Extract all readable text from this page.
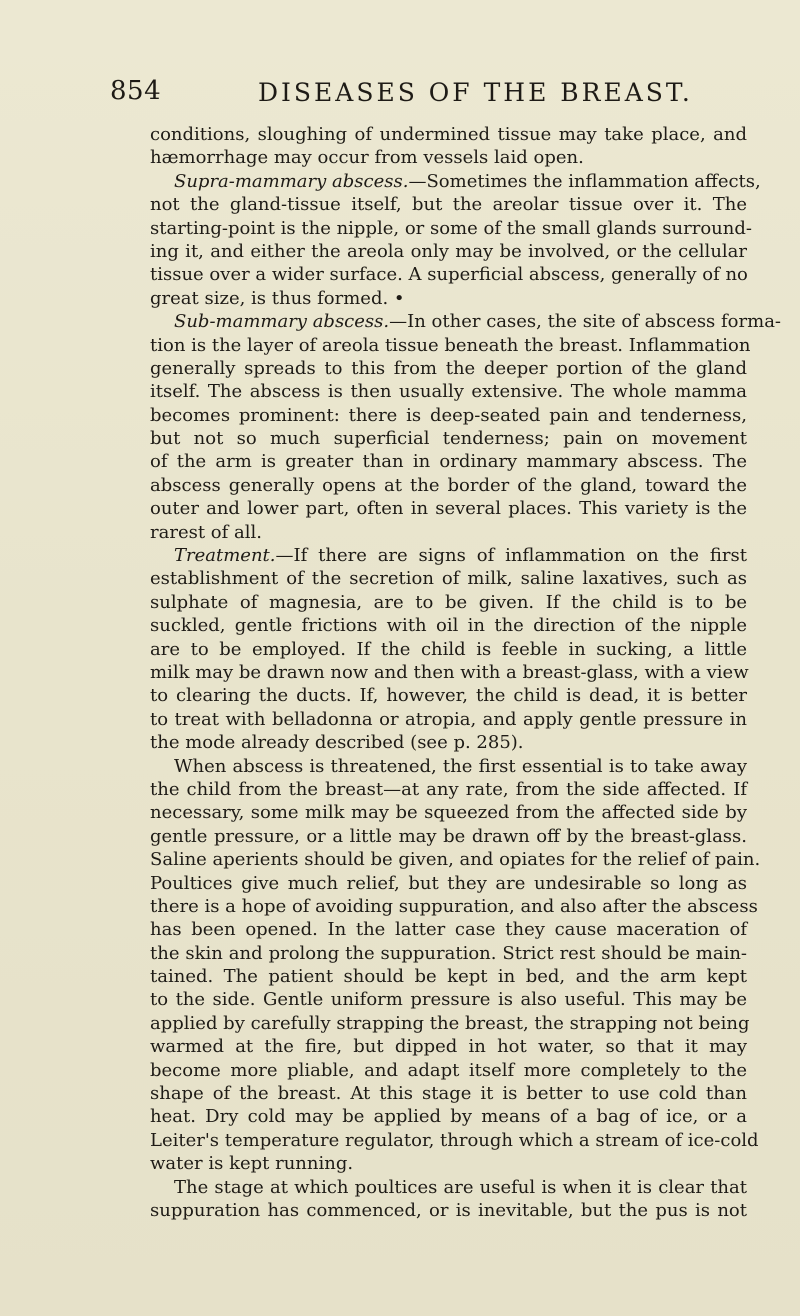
854	DISEASES OF THE BREAST.
conditions, sloughing of undermined tissue may take place, and
hæmorrhage may occur from vessels laid open.
Supra-mammary abscess.—Sometimes the inflammation affects,
not the gland-tissue itself, but the areolar tissue over it. The
starting-point is the nipple, or some of the small glands surround-
ing it, and either the areola only may be involved, or the cellular
tissue over a wider surface. A superficial abscess, generally of no
great size, is thus formed. •
Sub-mammary abscess.—In other cases, the site of abscess forma-
tion is the layer of areola tissue beneath the breast. Inflammation
generally spreads to this from the deeper portion of the gland
itself. The abscess is then usually extensive. The whole mamma
becomes prominent: there is deep-seated pain and tenderness,
but not so much superficial tenderness; pain on movement
of the arm is greater than in ordinary mammary abscess. The
abscess generally opens at the border of the gland, toward the
outer and lower part, often in several places. This variety is the
rarest of all.
Treatment.—If there are signs of inflammation on the first
establishment of the secretion of milk, saline laxatives, such as
sulphate of magnesia, are to be given. If the child is to be
suckled, gentle frictions with oil in the direction of the nipple
are to be employed. If the child is feeble in sucking, a little
milk may be drawn now and then with a breast-glass, with a view
to clearing the ducts. If, however, the child is dead, it is better
to treat with belladonna or atropia, and apply gentle pressure in
the mode already described (see p. 285).
When abscess is threatened, the first essential is to take away
the child from the breast—at any rate, from the side affected. If
necessary, some milk may be squeezed from the affected side by
gentle pressure, or a little may be drawn off by the breast-glass.
Saline aperients should be given, and opiates for the relief of pain.
Poultices give much relief, but they are undesirable so long as
there is a hope of avoiding suppuration, and also after the abscess
has been opened. In the latter case they cause maceration of
the skin and prolong the suppuration. Strict rest should be main-
tained. The patient should be kept in bed, and the arm kept
to the side. Gentle uniform pressure is also useful. This may be
applied by carefully strapping the breast, the strapping not being
warmed at the fire, but dipped in hot water, so that it may
become more pliable, and adapt itself more completely to the
shape of the breast. At this stage it is better to use cold than
heat. Dry cold may be applied by means of a bag of ice, or a
Leiter's temperature regulator, through which a stream of ice-cold
water is kept running.
The stage at which poultices are useful is when it is clear that
suppuration has commenced, or is inevitable, but the pus is not
